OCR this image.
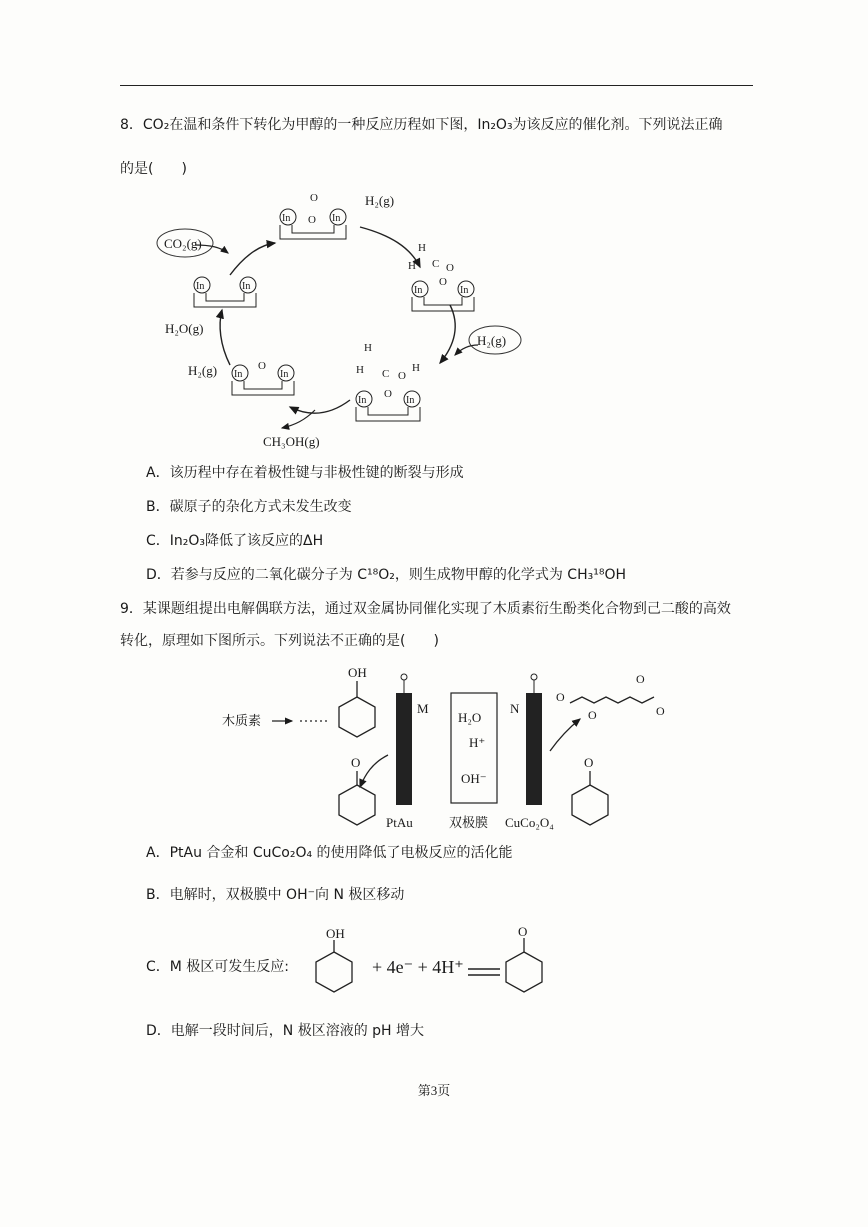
8．CO₂在温和条件下转化为甲醇的一种反应历程如下图，In₂O₃为该反应的催化剂。下列说法正确
的是(　　)
CO₂(g)
H₂(g)
H₂(g)
H₂O(g)
H₂(g)
CH₃OH(g)
In	In
In	In
O
O
H
H C O
In	In
O
H
H C O
H
In	In
O
In	In
O
A．该历程中存在着极性键与非极性键的断裂与形成
B．碳原子的杂化方式未发生改变
C．In₂O₃降低了该反应的ΔH
D．若参与反应的二氧化碳分子为 C¹⁸O₂，则生成物甲醇的化学式为 CH₃¹⁸OH
9．某课题组提出电解偶联方法，通过双金属协同催化实现了木质素衍生酚类化合物到己二酸的高效
转化，原理如下图所示。下列说法不正确的是(　　)
木质素
OH
M
H₂O
H⁺
OH⁻
N
O	O
O
O
O
O
PtAu	双极膜 CuCo₂O₄
A．PtAu 合金和 CuCo₂O₄ 的使用降低了电极反应的活化能
B．电解时，双极膜中 OH⁻向 N 极区移动
C．M 极区可发生反应:
OH
+ 4e⁻ + 4H⁺
O
D．电解一段时间后，N 极区溶液的 pH 增大
第3页
